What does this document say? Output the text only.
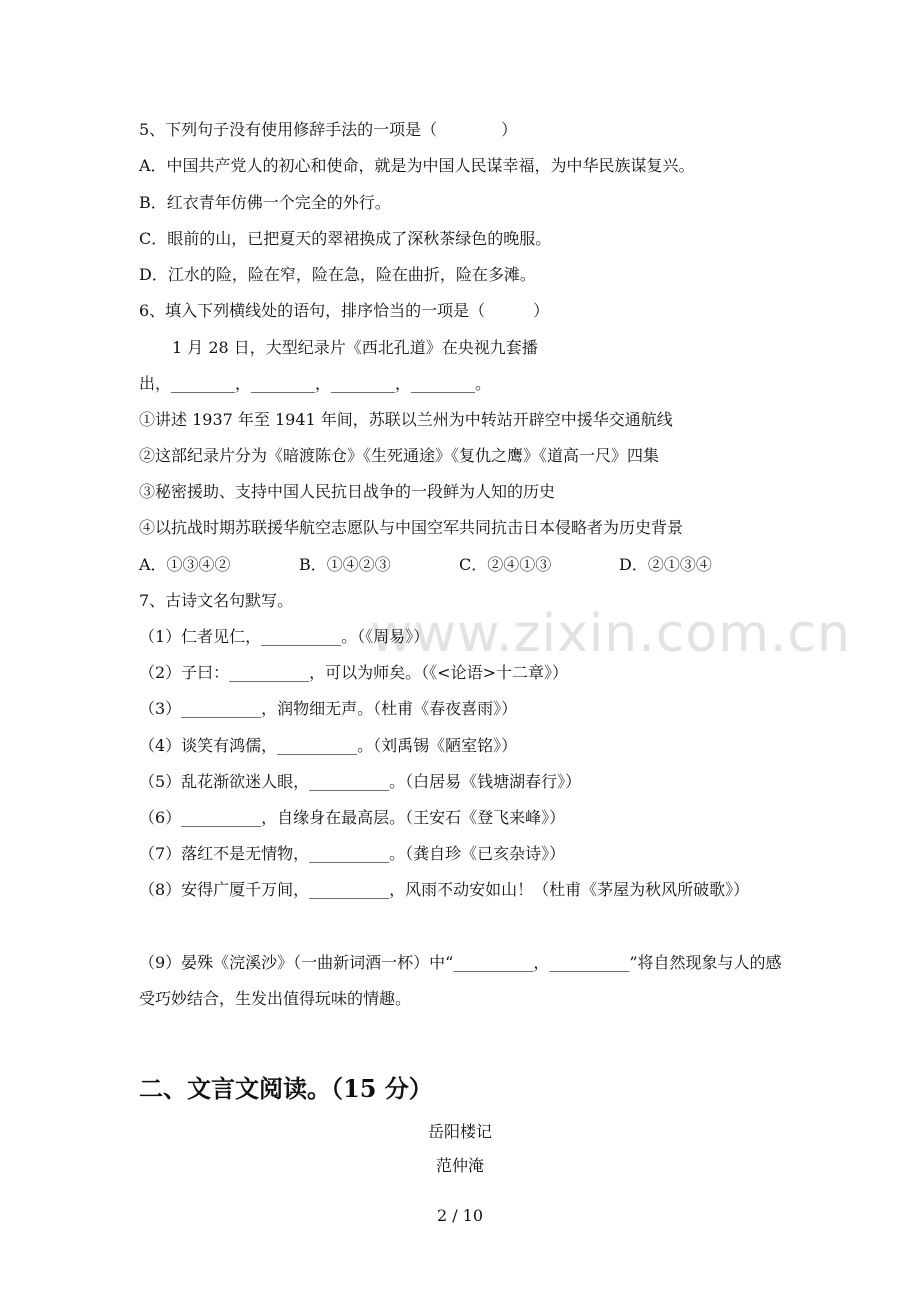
www.zixin.com.cn
5、下列句子没有使用修辞手法的一项是（　　　　）
A．中国共产党人的初心和使命，就是为中国人民谋幸福，为中华民族谋复兴。
B．红衣青年仿佛一个完全的外行。
C．眼前的山，已把夏天的翠裙换成了深秋茶绿色的晚服。
D．江水的险，险在窄，险在急，险在曲折，险在多滩。
6、填入下列横线处的语句，排序恰当的一项是（　　　）
1 月 28 日，大型纪录片《西北孔道》在央视九套播
出，________，________，________，________。
①讲述 1937 年至 1941 年间，苏联以兰州为中转站开辟空中援华交通航线
②这部纪录片分为《暗渡陈仓》《生死通途》《复仇之鹰》《道高一尺》四集
③秘密援助、支持中国人民抗日战争的一段鲜为人知的历史
④以抗战时期苏联援华航空志愿队与中国空军共同抗击日本侵略者为历史背景
A．①③④②	B．①④②③	C．②④①③	D．②①③④
7、古诗文名句默写。
（1）仁者见仁，__________。（《周易》）
（2）子曰：__________，可以为师矣。（《<论语>十二章》）
（3）__________，润物细无声。（杜甫《春夜喜雨》）
（4）谈笑有鸿儒，__________。（刘禹锡《陋室铭》）
（5）乱花渐欲迷人眼，__________。（白居易《钱塘湖春行》）
（6）__________，自缘身在最高层。（王安石《登飞来峰》）
（7）落红不是无情物，__________。（龚自珍《已亥杂诗》）
（8）安得广厦千万间，__________，风雨不动安如山！（杜甫《茅屋为秋风所破歌》）
（9）晏殊《浣溪沙》（一曲新词酒一杯）中“__________，__________”将自然现象与人的感受巧妙结合，生发出值得玩味的情趣。
二、文言文阅读。（15 分）
岳阳楼记
范仲淹
2 / 10
